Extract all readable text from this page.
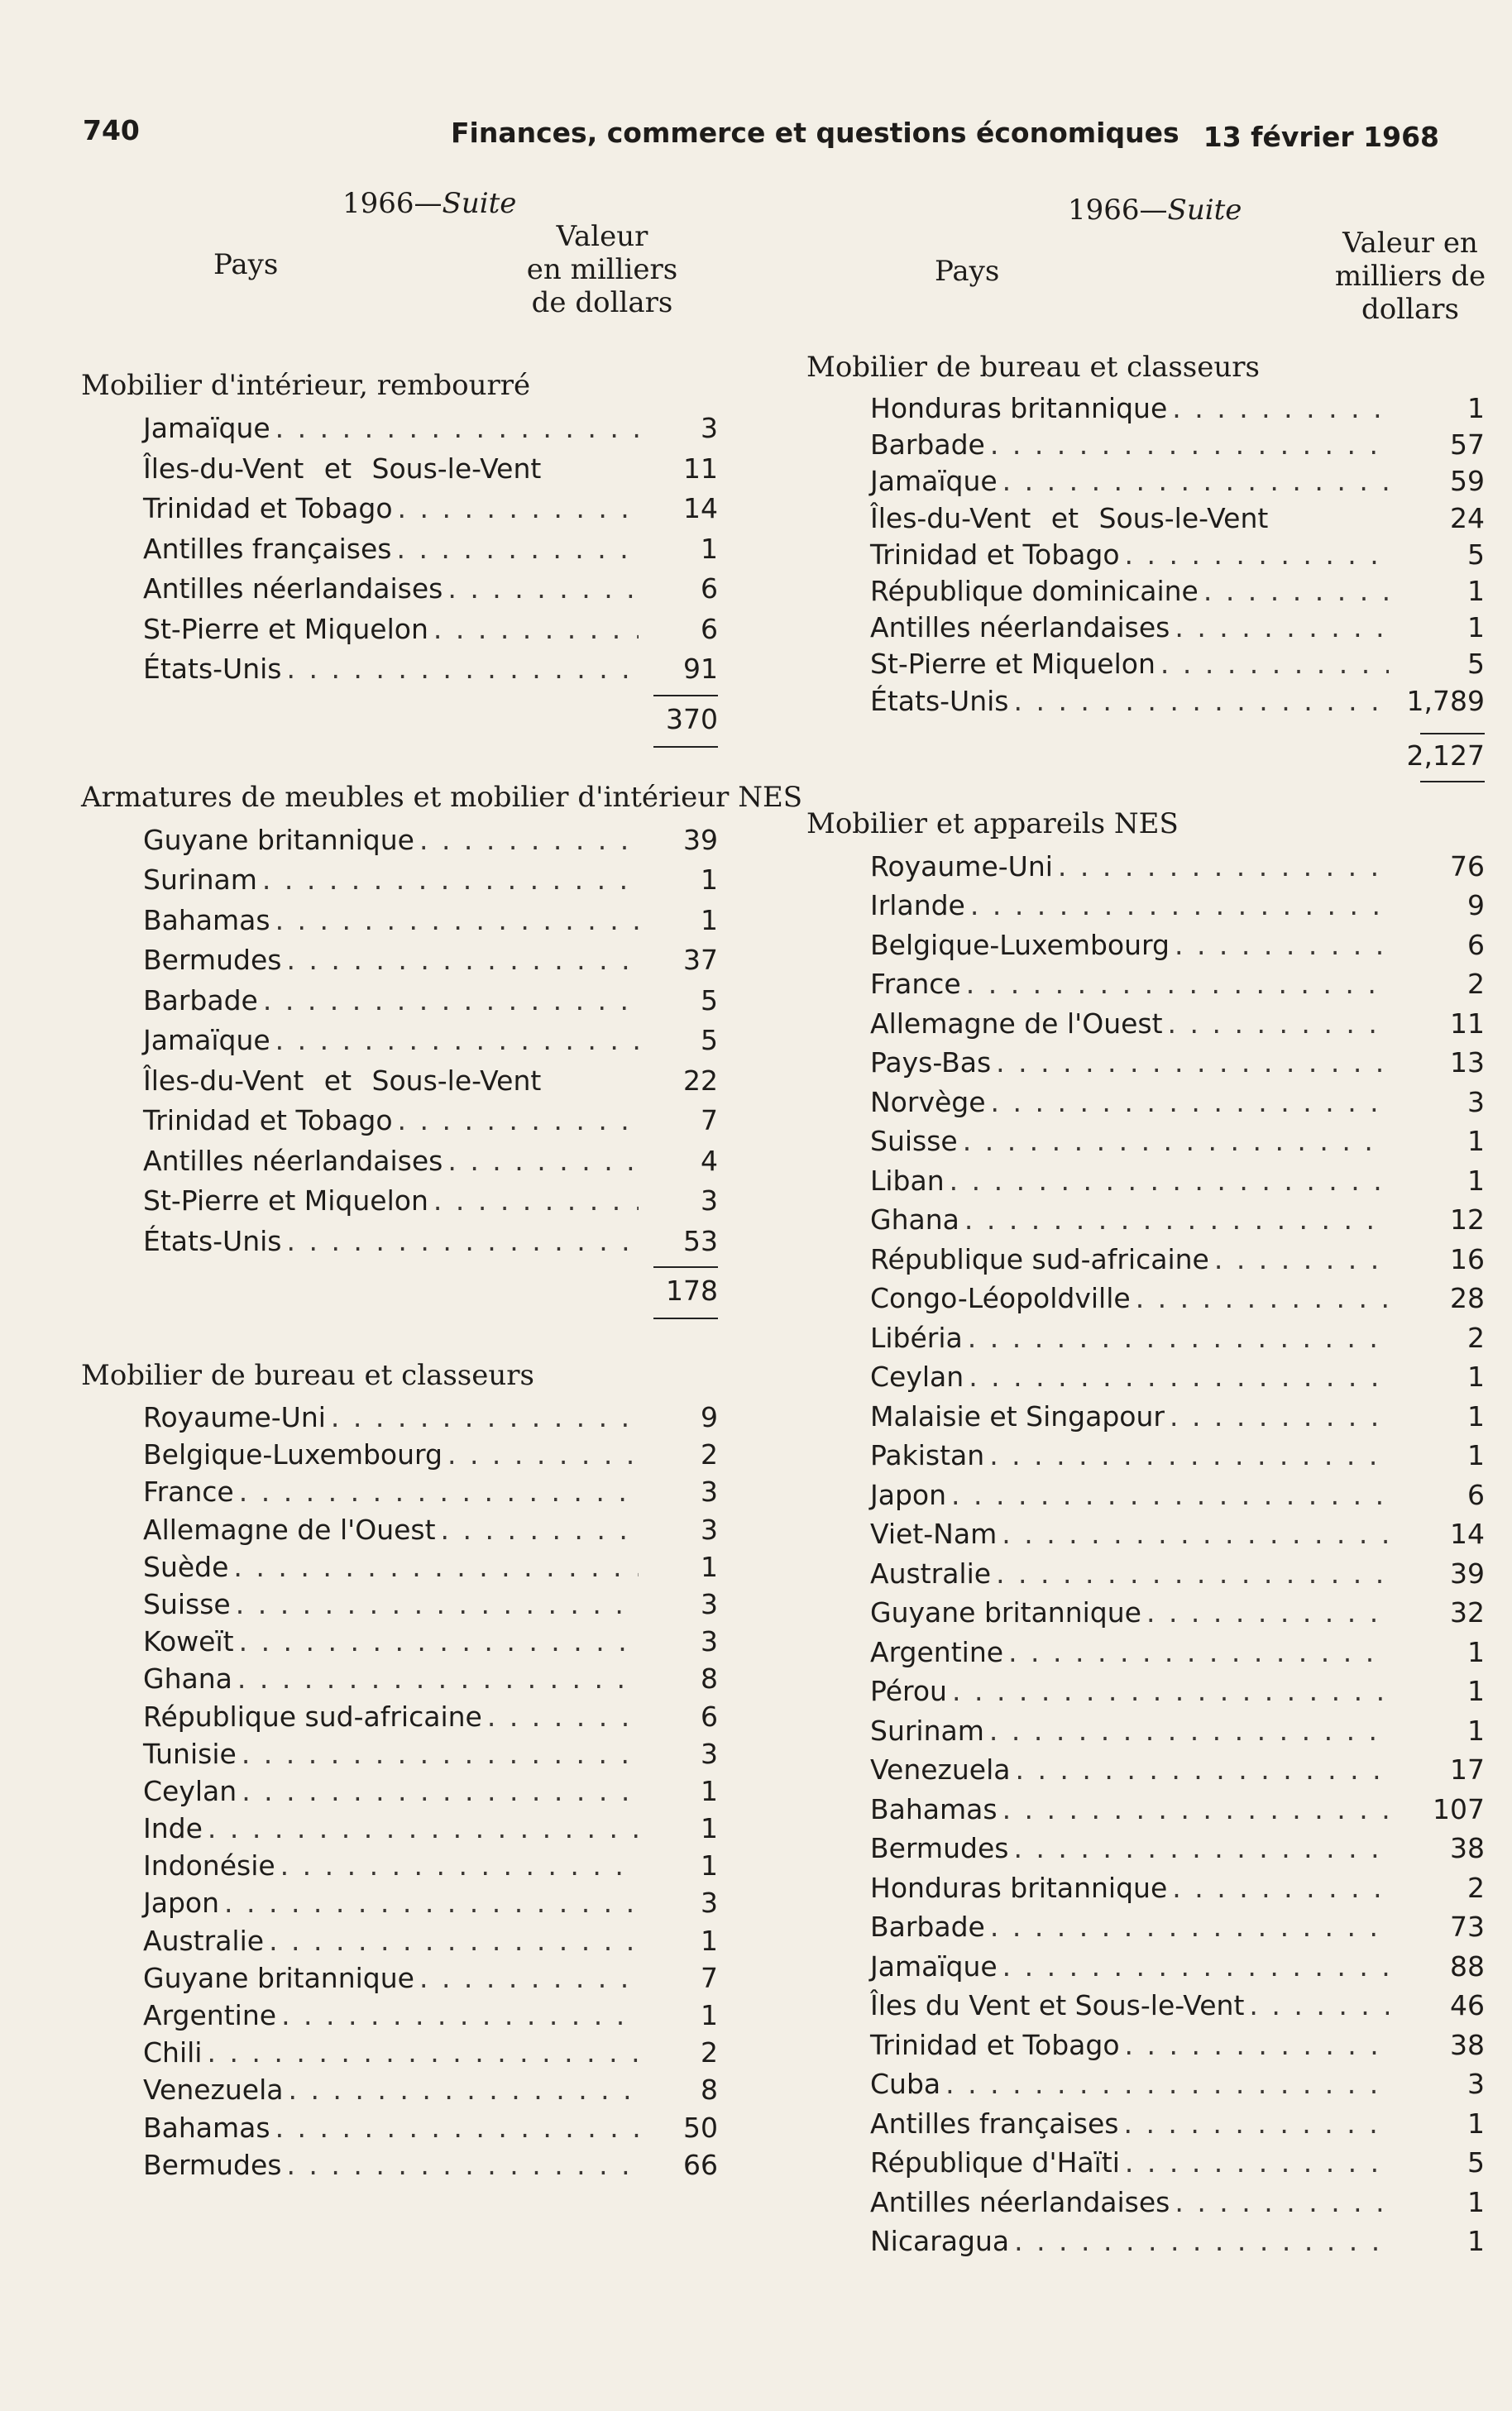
740	Finances, commerce et questions économiques 13 février 1968
1966—Suite
Pays
Valeur
en milliers
de dollars
Mobilier d'intérieur, rembourré
Jamaïque . . .	3
Îles-du-Vent et Sous-le-Vent	11
Trinidad et Tobago . . .	14
Antilles françaises . . .	1
Antilles néerlandaises . . .	6
St-Pierre et Miquelon . . .	6
États-Unis . . .	91
370
Armatures de meubles et mobilier d'intérieur NES
Guyane britannique . . .	39
Surinam . . .	1
Bahamas . . .	1
Bermudes . . .	37
Barbade . . .	5
Jamaïque . . .	5
Îles-du-Vent et Sous-le-Vent	22
Trinidad et Tobago . . .	7
Antilles néerlandaises . . .	4
St-Pierre et Miquelon . . .	3
États-Unis . . .	53
178
Mobilier de bureau et classeurs
Royaume-Uni . . .	9
Belgique-Luxembourg . . .	2
France . . .	3
Allemagne de l'Ouest . . .	3
Suède . . .	1
Suisse . . .	3
Koweït . . .	3
Ghana . . .	8
République sud-africaine . . .	6
Tunisie . . .	3
Ceylan . . .	1
Inde . . .	1
Indonésie . . .	1
Japon . . .	3
Australie . . .	1
Guyane britannique . . .	7
Argentine . . .	1
Chili . . .	2
Venezuela . . .	8
Bahamas . . .	50
Bermudes . . .	66
1966—Suite
Pays
Valeur en
milliers de
dollars
Mobilier de bureau et classeurs
Honduras britannique . . .	1
Barbade . . .	57
Jamaïque . . .	59
Îles-du-Vent et Sous-le-Vent	24
Trinidad et Tobago . . .	5
République dominicaine . . .	1
Antilles néerlandaises . . .	1
St-Pierre et Miquelon . . .	5
États-Unis . . .	1,789
2,127
Mobilier et appareils NES
Royaume-Uni . . .	76
Irlande . . .	9
Belgique-Luxembourg . . .	6
France . . .	2
Allemagne de l'Ouest . . .	11
Pays-Bas . . .	13
Norvège . . .	3
Suisse . . .	1
Liban . . .	1
Ghana . . .	12
République sud-africaine . . .	16
Congo-Léopoldville . . .	28
Libéria . . .	2
Ceylan . . .	1
Malaisie et Singapour . . .	1
Pakistan . . .	1
Japon . . .	6
Viet-Nam . . .	14
Australie . . .	39
Guyane britannique . . .	32
Argentine . . .	1
Pérou . . .	1
Surinam . . .	1
Venezuela . . .	17
Bahamas . . .	107
Bermudes . . .	38
Honduras britannique . . .	2
Barbade . . .	73
Jamaïque . . .	88
Îles du Vent et Sous-le-Vent . . .	46
Trinidad et Tobago . . .	38
Cuba . . .	3
Antilles françaises . . .	1
République d'Haïti . . .	5
Antilles néerlandaises . . .	1
Nicaragua . . .	1
